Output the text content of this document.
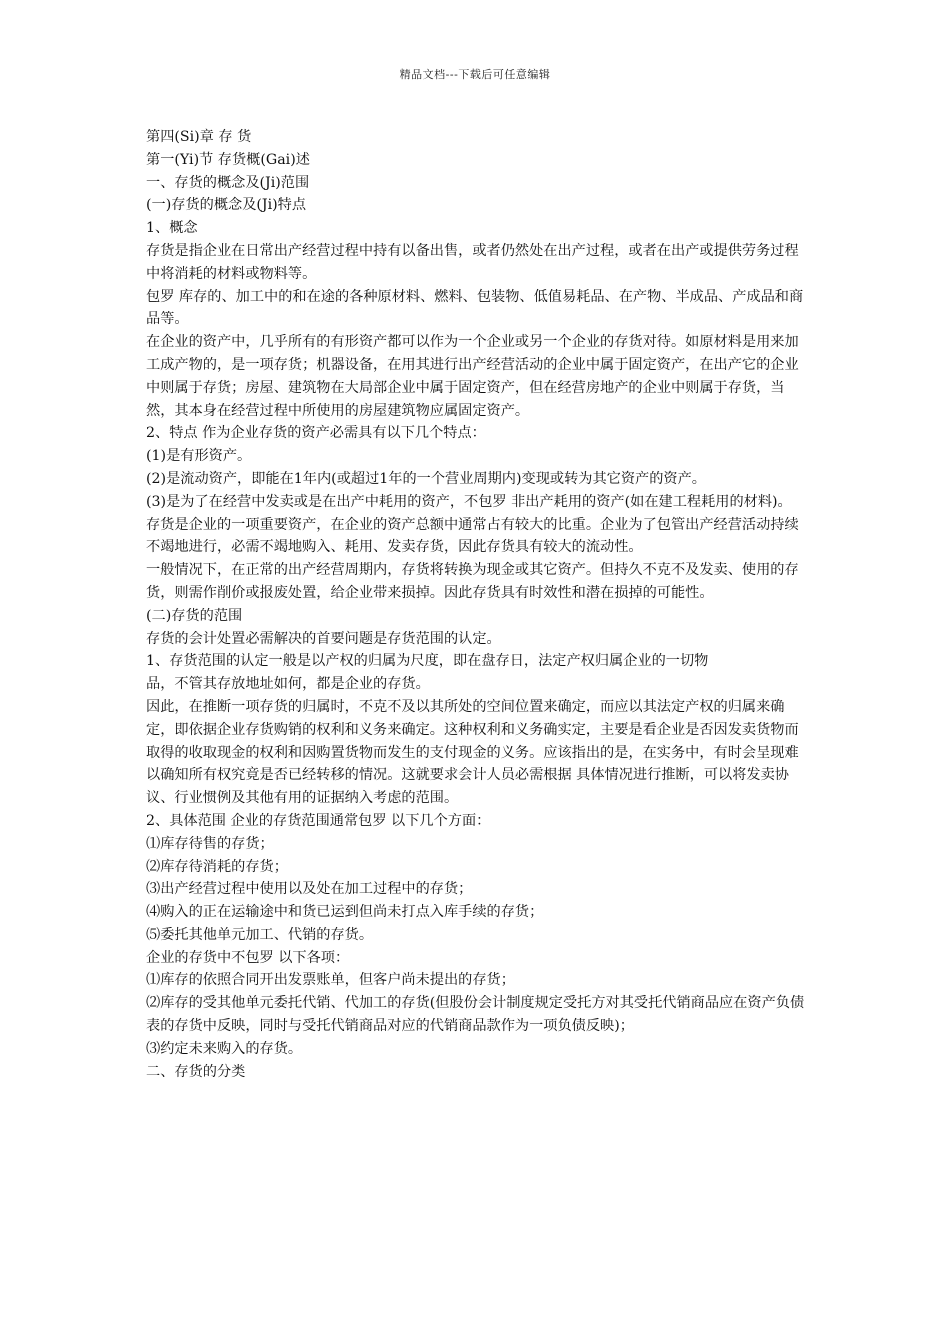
精品文档---下载后可任意编辑

第四(Si)章 存 货

第一(Yi)节 存货概(Gai)述

一、存货的概念及(Ji)范围

(一)存货的概念及(Ji)特点

1、概念

存货是指企业在日常出产经营过程中持有以备出售，或者仍然处在出产过程，或者在出产或提供劳务过程中将消耗的材料或物料等。

包罗 库存的、加工中的和在途的各种原材料、燃料、包装物、低值易耗品、在产物、半成品、产成品和商品等。

在企业的资产中，几乎所有的有形资产都可以作为一个企业或另一个企业的存货对待。如原材料是用来加工成产物的，是一项存货；机器设备，在用其进行出产经营活动的企业中属于固定资产，在出产它的企业中则属于存货；房屋、建筑物在大局部企业中属于固定资产，但在经营房地产的企业中则属于存货，当然，其本身在经营过程中所使用的房屋建筑物应属固定资产。

2、特点 作为企业存货的资产必需具有以下几个特点：

(1)是有形资产。

(2)是流动资产，即能在1年内(或超过1年的一个营业周期内)变现或转为其它资产的资产。

(3)是为了在经营中发卖或是在出产中耗用的资产，不包罗 非出产耗用的资产(如在建工程耗用的材料)。

存货是企业的一项重要资产，在企业的资产总额中通常占有较大的比重。企业为了包管出产经营活动持续不竭地进行，必需不竭地购入、耗用、发卖存货，因此存货具有较大的流动性。

一般情况下，在正常的出产经营周期内，存货将转换为现金或其它资产。但持久不克不及发卖、使用的存货，则需作削价或报废处置，给企业带来损掉。因此存货具有时效性和潜在损掉的可能性。

(二)存货的范围

存货的会计处置必需解决的首要问题是存货范围的认定。

1、存货范围的认定一般是以产权的归属为尺度，即在盘存日，法定产权归属企业的一切物

品，不管其存放地址如何，都是企业的存货。

因此，在推断一项存货的归属时，不克不及以其所处的空间位置来确定，而应以其法定产权的归属来确定，即依据企业存货购销的权利和义务来确定。这种权利和义务确实定，主要是看企业是否因发卖货物而取得的收取现金的权利和因购置货物而发生的支付现金的义务。应该指出的是，在实务中，有时会呈现难以确知所有权究竟是否已经转移的情况。这就要求会计人员必需根据 具体情况进行推断，可以将发卖协议、行业惯例及其他有用的证据纳入考虑的范围。

2、具体范围 企业的存货范围通常包罗 以下几个方面：

⑴库存待售的存货；

⑵库存待消耗的存货；

⑶出产经营过程中使用以及处在加工过程中的存货；

⑷购入的正在运输途中和货已运到但尚未打点入库手续的存货；

⑸委托其他单元加工、代销的存货。

企业的存货中不包罗 以下各项：

⑴库存的依照合同开出发票账单，但客户尚未提出的存货；

⑵库存的受其他单元委托代销、代加工的存货(但股份会计制度规定受托方对其受托代销商品应在资产负债表的存货中反映，同时与受托代销商品对应的代销商品款作为一项负债反映)；

⑶约定未来购入的存货。

二、存货的分类
